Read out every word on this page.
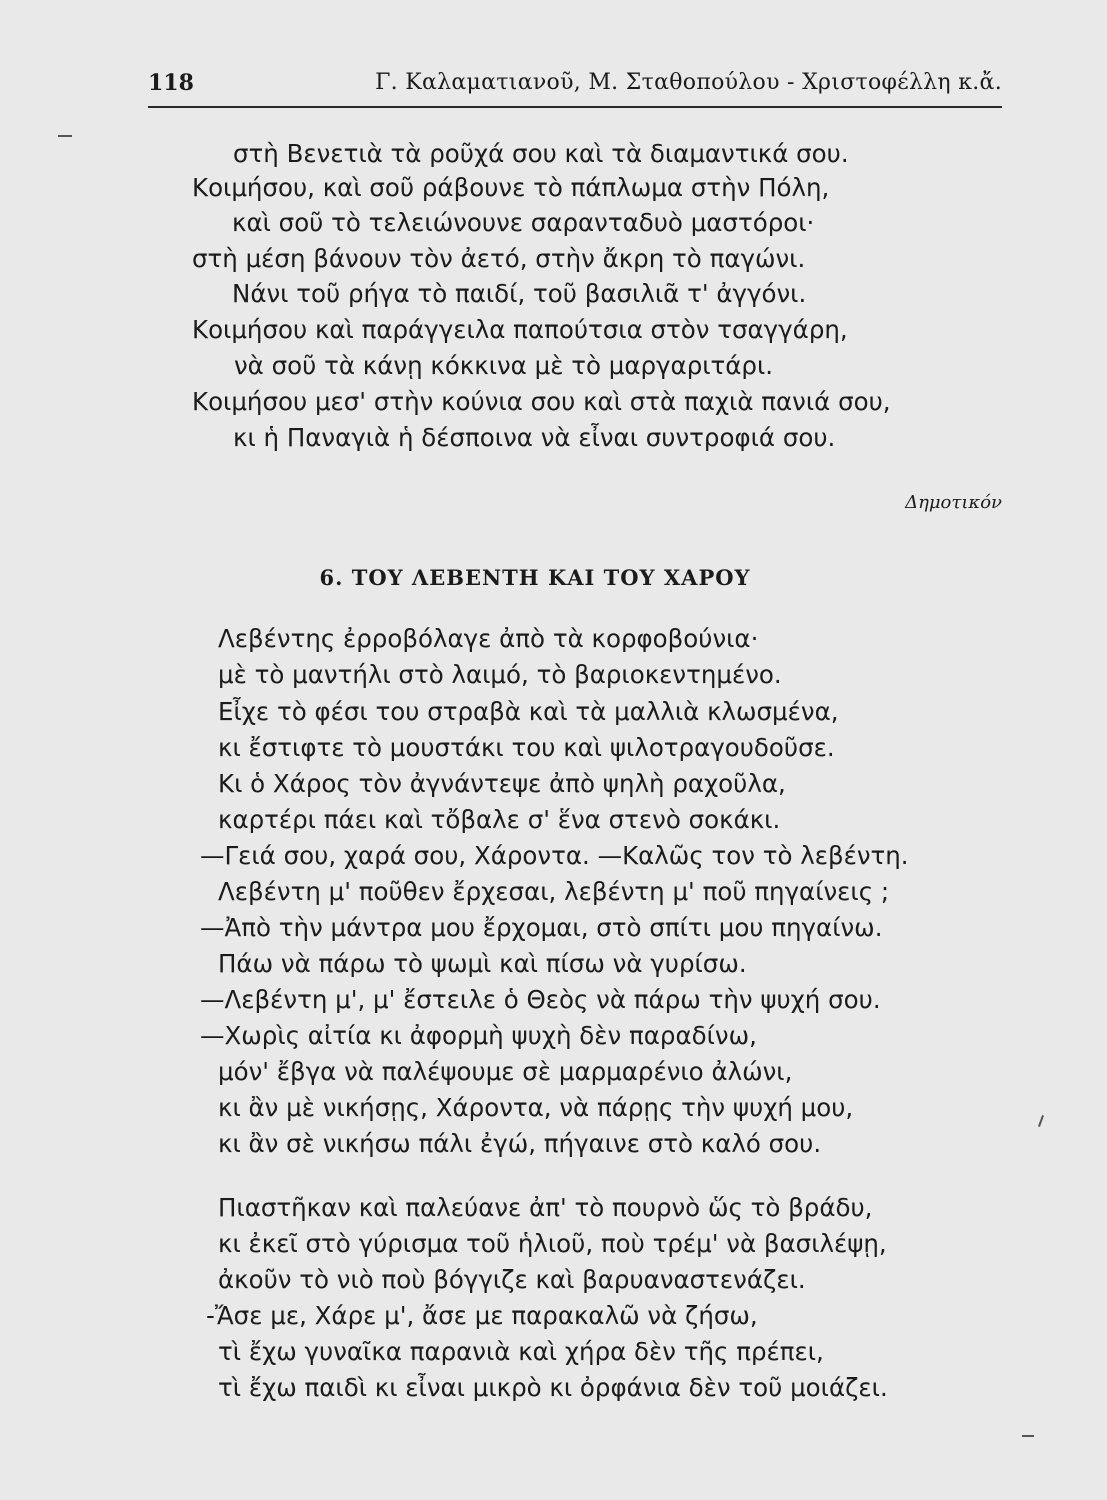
118	Γ. Καλαματιανοῦ, Μ. Σταθοπούλου - Χριστοφέλλη κ.ἄ.
στὴ Βενετιὰ τὰ ροῦχά σου καὶ τὰ διαμαντικά σου.
Κοιμήσου, καὶ σοῦ ράβουνε τὸ πάπλωμα στὴν Πόλη,
καὶ σοῦ τὸ τελειώνουνε σαρανταδυὸ μαστόροι·
στὴ μέση βάνουν τὸν ἀετό, στὴν ἄκρη τὸ παγώνι.
Νάνι τοῦ ρήγα τὸ παιδί, τοῦ βασιλιᾶ τ' ἀγγόνι.
Κοιμήσου καὶ παράγγειλα παπούτσια στὸν τσαγγάρη,
νὰ σοῦ τὰ κάνῃ κόκκινα μὲ τὸ μαργαριτάρι.
Κοιμήσου μεσ' στὴν κούνια σου καὶ στὰ παχιὰ πανιά σου,
κι ἡ Παναγιὰ ἡ δέσποινα νὰ εἶναι συντροφιά σου.
Δημοτικόν
6. ΤΟΥ ΛΕΒΕΝΤΗ ΚΑΙ ΤΟΥ ΧΑΡΟΥ
Λεβέντης ἐρροβόλαγε ἀπὸ τὰ κορφοβούνια·
μὲ τὸ μαντήλι στὸ λαιμό, τὸ βαριοκεντημένο.
Εἶχε τὸ φέσι του στραβὰ καὶ τὰ μαλλιὰ κλωσμένα,
κι ἔστιφτε τὸ μουστάκι του καὶ ψιλοτραγουδοῦσε.
Κι ὁ Χάρος τὸν ἀγνάντεψε ἀπὸ ψηλὴ ραχοῦλα,
καρτέρι πάει καὶ τὄβαλε σ' ἕνα στενὸ σοκάκι.
—Γειά σου, χαρά σου, Χάροντα. —Καλῶς τον τὸ λεβέντη.
Λεβέντη μ' ποῦθεν ἔρχεσαι, λεβέντη μ' ποῦ πηγαίνεις ;
—Ἀπὸ τὴν μάντρα μου ἔρχομαι, στὸ σπίτι μου πηγαίνω.
Πάω νὰ πάρω τὸ ψωμὶ καὶ πίσω νὰ γυρίσω.
—Λεβέντη μ', μ' ἔστειλε ὁ Θεὸς νὰ πάρω τὴν ψυχή σου.
—Χωρὶς αἰτία κι ἀφορμὴ ψυχὴ δὲν παραδίνω,
μόν' ἔβγα νὰ παλέψουμε σὲ μαρμαρένιο ἀλώνι,
κι ἂν μὲ νικήσῃς, Χάροντα, νὰ πάρῃς τὴν ψυχή μου,
κι ἂν σὲ νικήσω πάλι ἐγώ, πήγαινε στὸ καλό σου.
Πιαστῆκαν καὶ παλεύανε ἀπ' τὸ πουρνὸ ὥς τὸ βράδυ,
κι ἐκεῖ στὸ γύρισμα τοῦ ἡλιοῦ, ποὺ τρέμ' νὰ βασιλέψῃ,
ἀκοῦν τὸ νιὸ ποὺ βόγγιζε καὶ βαρυαναστενάζει.
-Ἄσε με, Χάρε μ', ἄσε με παρακαλῶ νὰ ζήσω,
τὶ ἔχω γυναῖκα παρανιὰ καὶ χήρα δὲν τῆς πρέπει,
τὶ ἔχω παιδὶ κι εἶναι μικρὸ κι ὀρφάνια δὲν τοῦ μοιάζει.
